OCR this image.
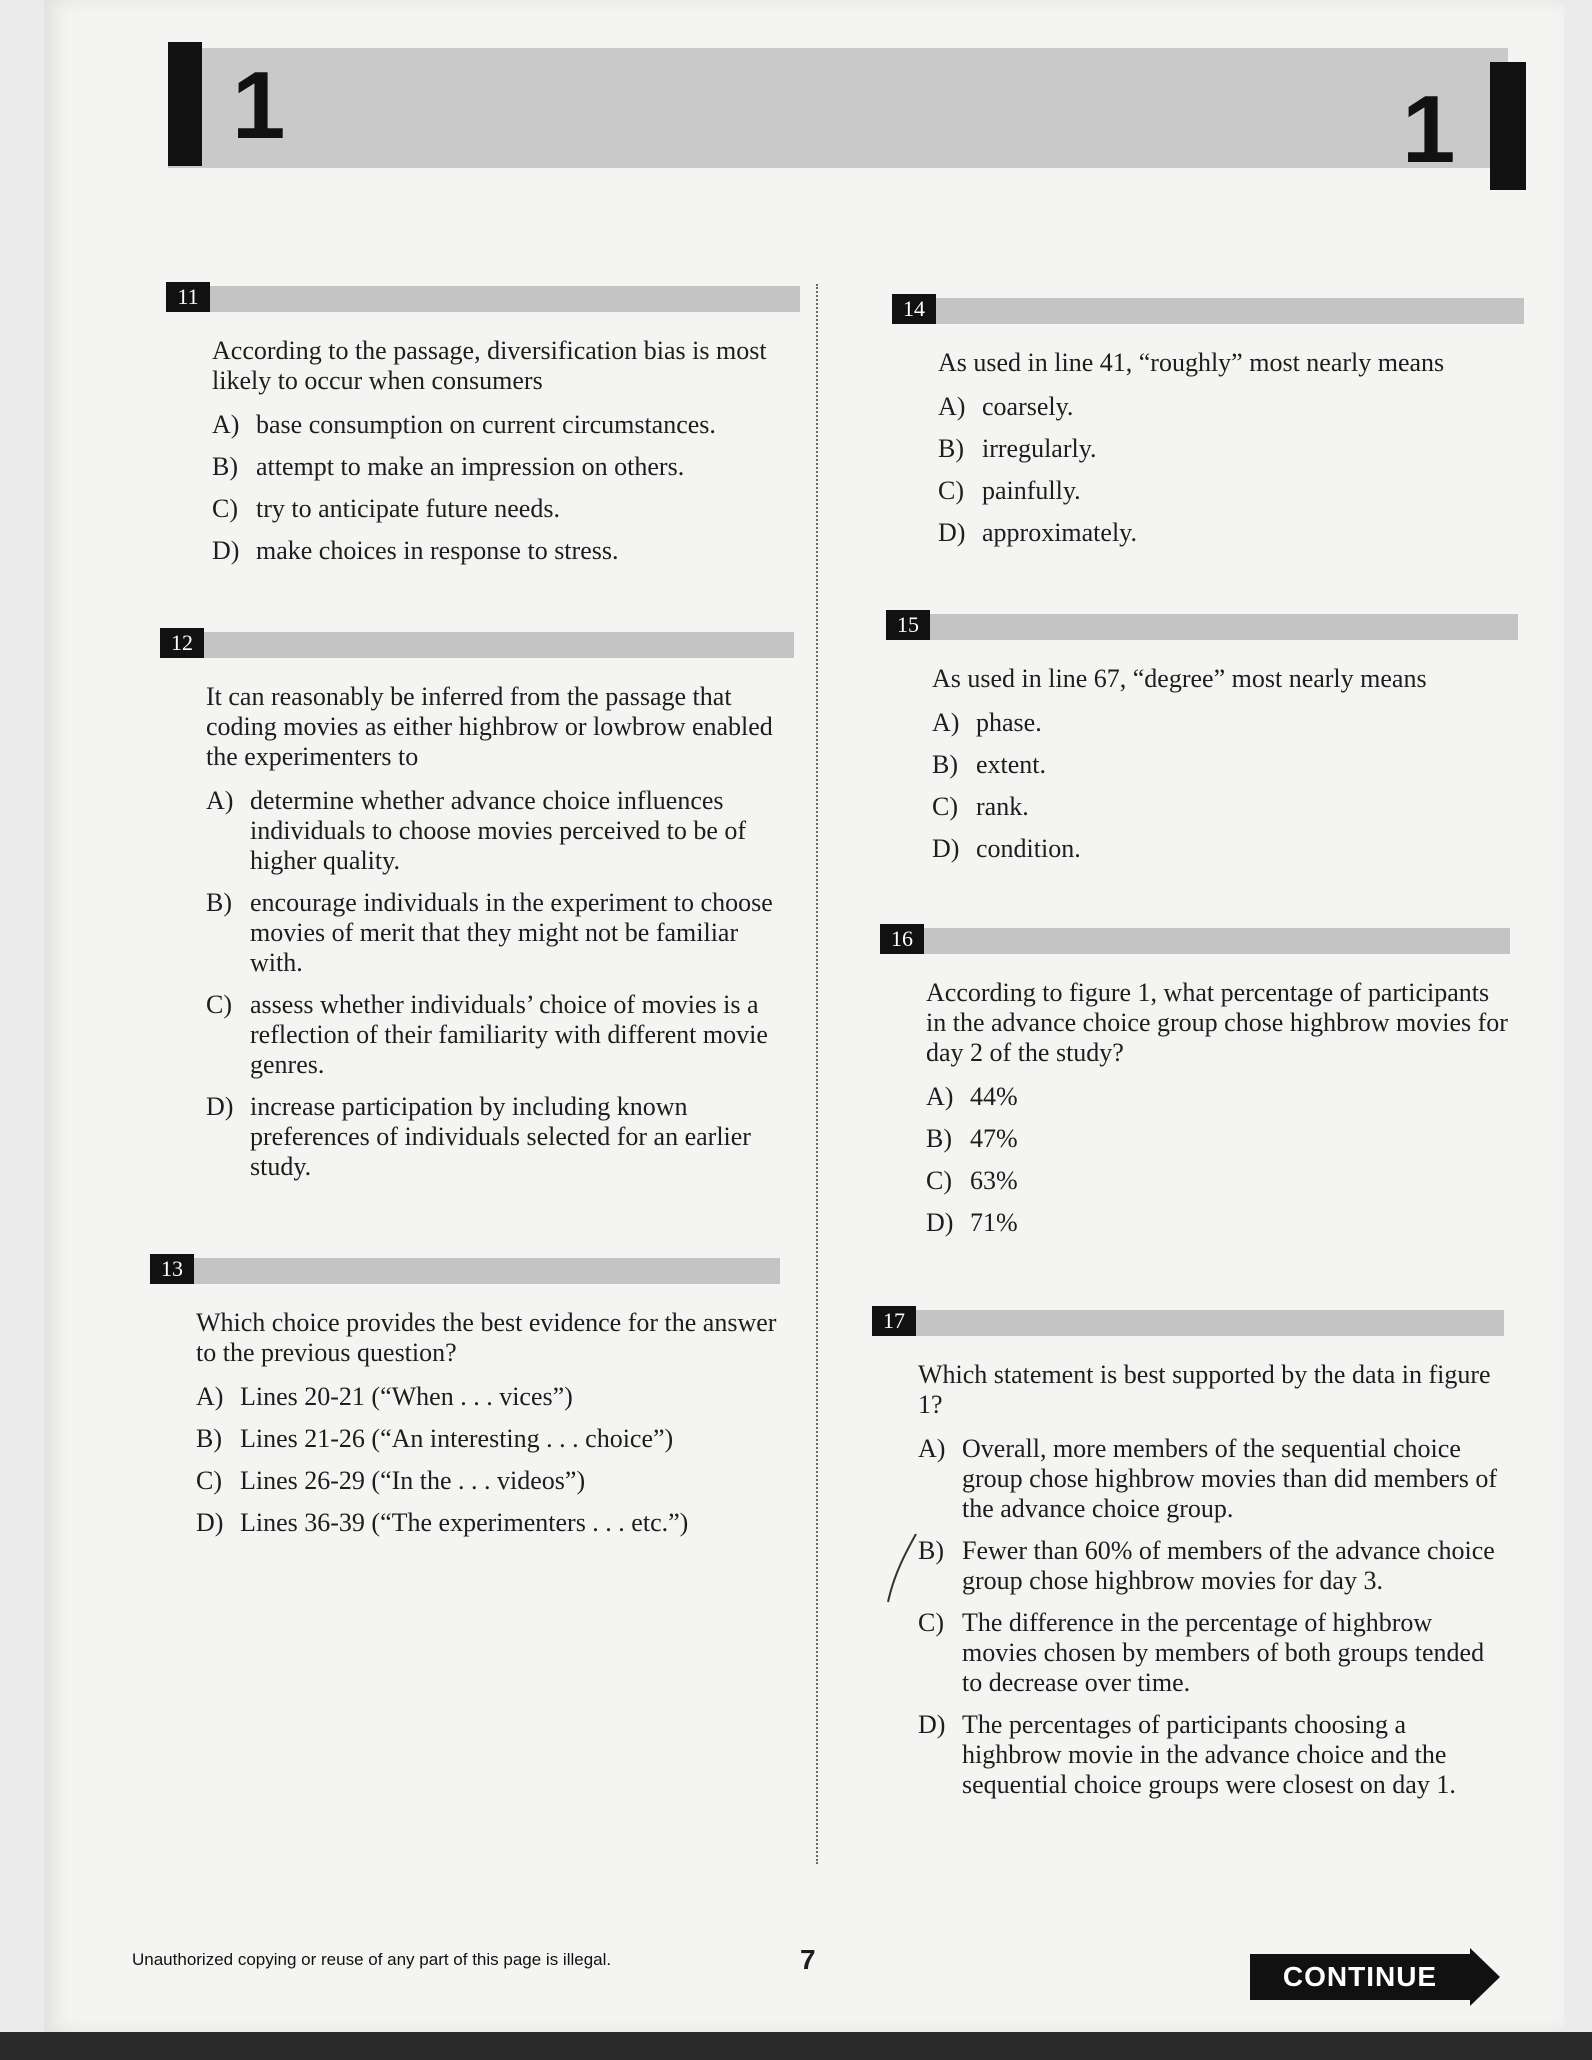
1	1
11
According to the passage, diversification bias is most likely to occur when consumers
A) base consumption on current circumstances.
B) attempt to make an impression on others.
C) try to anticipate future needs.
D) make choices in response to stress.
12
It can reasonably be inferred from the passage that coding movies as either highbrow or lowbrow enabled the experimenters to
A) determine whether advance choice influences individuals to choose movies perceived to be of higher quality.
B) encourage individuals in the experiment to choose movies of merit that they might not be familiar with.
C) assess whether individuals’ choice of movies is a reflection of their familiarity with different movie genres.
D) increase participation by including known preferences of individuals selected for an earlier study.
13
Which choice provides the best evidence for the answer to the previous question?
A) Lines 20-21 (“When . . . vices”)
B) Lines 21-26 (“An interesting . . . choice”)
C) Lines 26-29 (“In the . . . videos”)
D) Lines 36-39 (“The experimenters . . . etc.”)
14
As used in line 41, “roughly” most nearly means
A) coarsely.
B) irregularly.
C) painfully.
D) approximately.
15
As used in line 67, “degree” most nearly means
A) phase.
B) extent.
C) rank.
D) condition.
16
According to figure 1, what percentage of participants in the advance choice group chose highbrow movies for day 2 of the study?
A) 44%
B) 47%
C) 63%
D) 71%
17
Which statement is best supported by the data in figure 1?
A) Overall, more members of the sequential choice group chose highbrow movies than did members of the advance choice group.
B) Fewer than 60% of members of the advance choice group chose highbrow movies for day 3.
C) The difference in the percentage of highbrow movies chosen by members of both groups tended to decrease over time.
D) The percentages of participants choosing a highbrow movie in the advance choice and the sequential choice groups were closest on day 1.
Unauthorized copying or reuse of any part of this page is illegal.	7
CONTINUE
